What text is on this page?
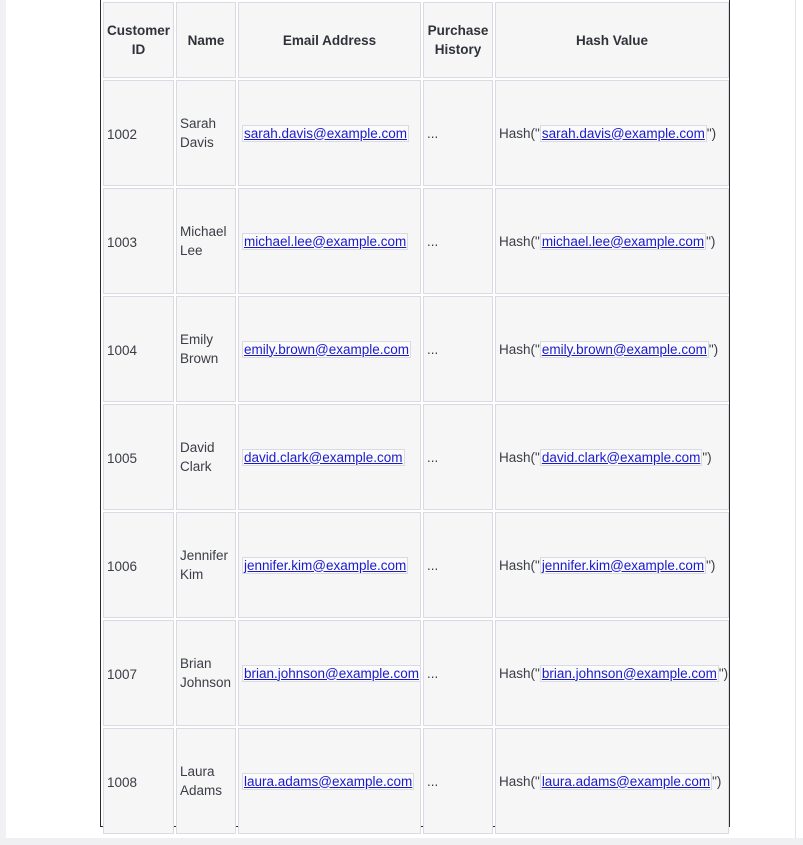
Customer ID	Name	Email Address	Purchase History	Hash Value
1002	Sarah Davis	sarah.davis@example.com	...	Hash(" sarah.davis@example.com ")
1003	Michael Lee	michael.lee@example.com	...	Hash(" michael.lee@example.com ")
1004	Emily Brown	emily.brown@example.com	...	Hash(" emily.brown@example.com ")
1005	David Clark	david.clark@example.com	...	Hash(" david.clark@example.com ")
1006	Jennifer Kim	jennifer.kim@example.com	...	Hash(" jennifer.kim@example.com ")
1007	Brian Johnson	brian.johnson@example.com	...	Hash(" brian.johnson@example.com ")
1008	Laura Adams	laura.adams@example.com	...	Hash(" laura.adams@example.com ")
